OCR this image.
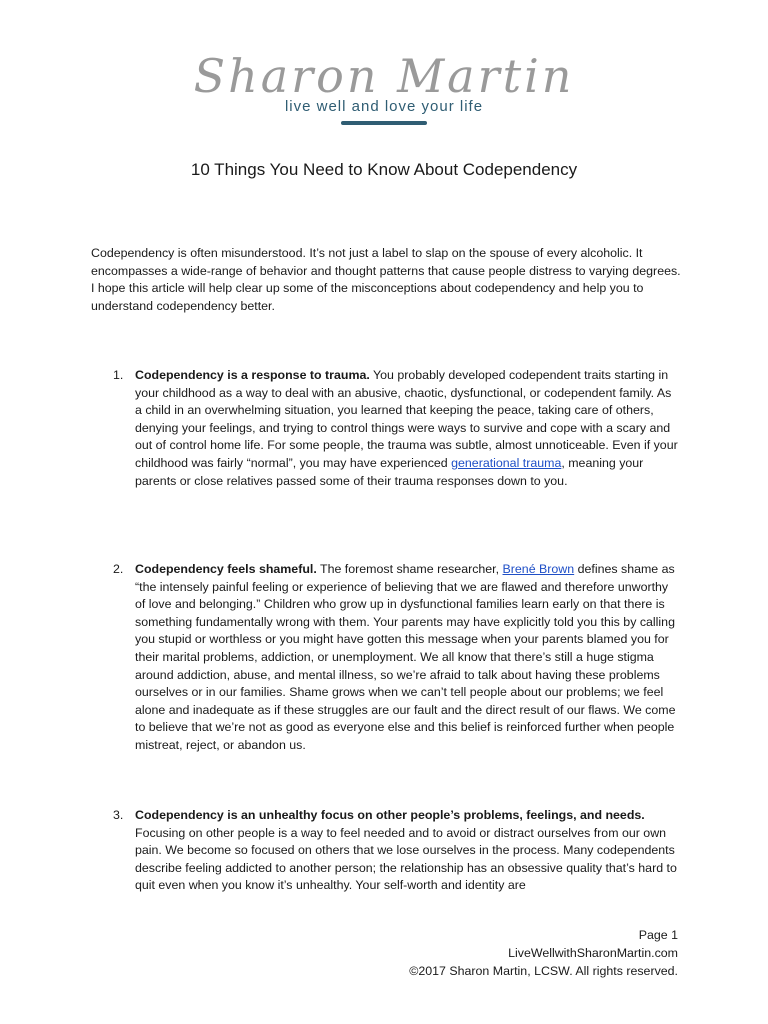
Sharon Martin
live well and love your life
10 Things You Need to Know About Codependency
Codependency is often misunderstood. It’s not just a label to slap on the spouse of every alcoholic. It encompasses a wide-range of behavior and thought patterns that cause people distress to varying degrees. I hope this article will help clear up some of the misconceptions about codependency and help you to understand codependency better.
1. Codependency is a response to trauma. You probably developed codependent traits starting in your childhood as a way to deal with an abusive, chaotic, dysfunctional, or codependent family. As a child in an overwhelming situation, you learned that keeping the peace, taking care of others, denying your feelings, and trying to control things were ways to survive and cope with a scary and out of control home life. For some people, the trauma was subtle, almost unnoticeable. Even if your childhood was fairly “normal”, you may have experienced generational trauma, meaning your parents or close relatives passed some of their trauma responses down to you.
2. Codependency feels shameful. The foremost shame researcher, Brené Brown defines shame as “the intensely painful feeling or experience of believing that we are flawed and therefore unworthy of love and belonging.” Children who grow up in dysfunctional families learn early on that there is something fundamentally wrong with them. Your parents may have explicitly told you this by calling you stupid or worthless or you might have gotten this message when your parents blamed you for their marital problems, addiction, or unemployment. We all know that there’s still a huge stigma around addiction, abuse, and mental illness, so we’re afraid to talk about having these problems ourselves or in our families. Shame grows when we can’t tell people about our problems; we feel alone and inadequate as if these struggles are our fault and the direct result of our flaws. We come to believe that we’re not as good as everyone else and this belief is reinforced further when people mistreat, reject, or abandon us.
3. Codependency is an unhealthy focus on other people’s problems, feelings, and needs. Focusing on other people is a way to feel needed and to avoid or distract ourselves from our own pain. We become so focused on others that we lose ourselves in the process. Many codependents describe feeling addicted to another person; the relationship has an obsessive quality that’s hard to quit even when you know it’s unhealthy. Your self-worth and identity are
Page 1
LiveWellwithSharonMartin.com
©2017 Sharon Martin, LCSW. All rights reserved.
